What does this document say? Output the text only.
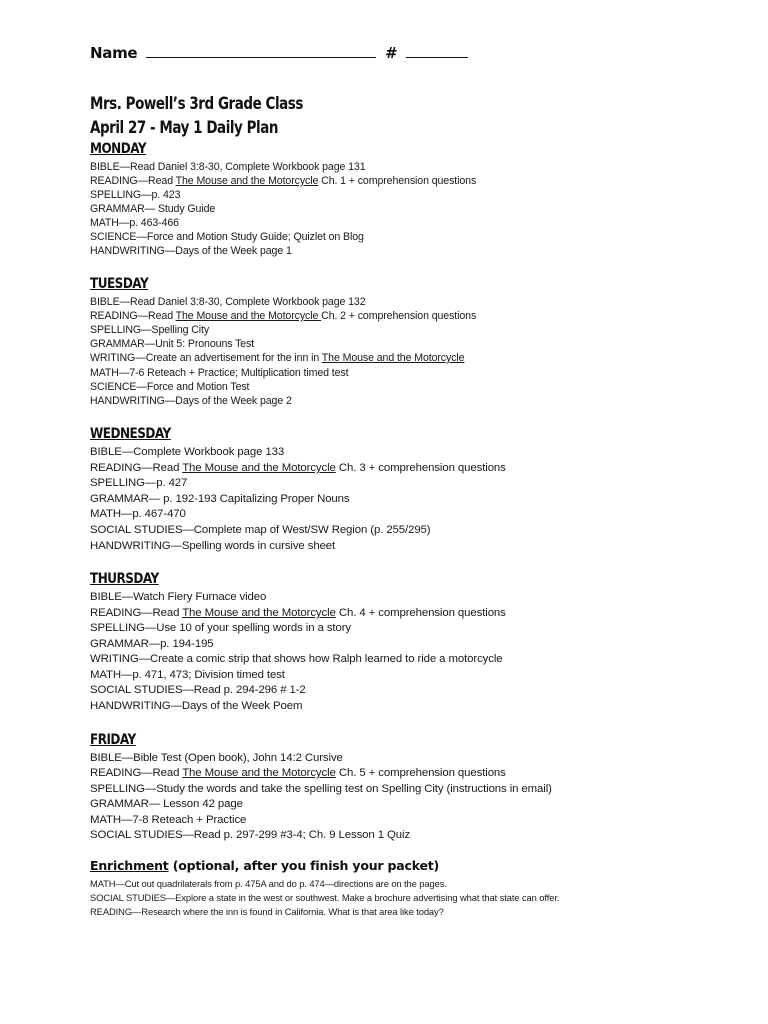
Name	#
Mrs. Powell’s 3rd Grade Class
April 27 - May 1 Daily Plan
MONDAY
BIBLE—Read Daniel 3:8-30, Complete Workbook page 131
READING—Read The Mouse and the Motorcycle Ch. 1 + comprehension questions
SPELLING—p. 423
GRAMMAR— Study Guide
MATH—p. 463-466
SCIENCE—Force and Motion Study Guide; Quizlet on Blog
HANDWRITING—Days of the Week page 1
TUESDAY
BIBLE—Read Daniel 3:8-30, Complete Workbook page 132
READING—Read The Mouse and the Motorcycle Ch. 2 + comprehension questions
SPELLING—Spelling City
GRAMMAR—Unit 5: Pronouns Test
WRITING—Create an advertisement for the inn in The Mouse and the Motorcycle
MATH—7-6 Reteach + Practice; Multiplication timed test
SCIENCE—Force and Motion Test
HANDWRITING—Days of the Week page 2
WEDNESDAY
BIBLE—Complete Workbook page 133
READING—Read The Mouse and the Motorcycle Ch. 3 + comprehension questions
SPELLING—p. 427
GRAMMAR— p. 192-193 Capitalizing Proper Nouns
MATH—p. 467-470
SOCIAL STUDIES—Complete map of West/SW Region (p. 255/295)
HANDWRITING—Spelling words in cursive sheet
THURSDAY
BIBLE—Watch Fiery Furnace video
READING—Read The Mouse and the Motorcycle Ch. 4 + comprehension questions
SPELLING—Use 10 of your spelling words in a story
GRAMMAR—p. 194-195
WRITING—Create a comic strip that shows how Ralph learned to ride a motorcycle
MATH—p. 471, 473; Division timed test
SOCIAL STUDIES—Read p. 294-296 # 1-2
HANDWRITING—Days of the Week Poem
FRIDAY
BIBLE—Bible Test (Open book), John 14:2 Cursive
READING—Read The Mouse and the Motorcycle Ch. 5 + comprehension questions
SPELLING—Study the words and take the spelling test on Spelling City (instructions in email)
GRAMMAR— Lesson 42 page
MATH—7-8 Reteach + Practice
SOCIAL STUDIES—Read p. 297-299 #3-4; Ch. 9 Lesson 1 Quiz
Enrichment (optional, after you finish your packet)
MATH—Cut out quadrilaterals from p. 475A and do p. 474—directions are on the pages.
SOCIAL STUDIES—Explore a state in the west or southwest. Make a brochure advertising what that state can offer.
READING—Research where the inn is found in California. What is that area like today?
